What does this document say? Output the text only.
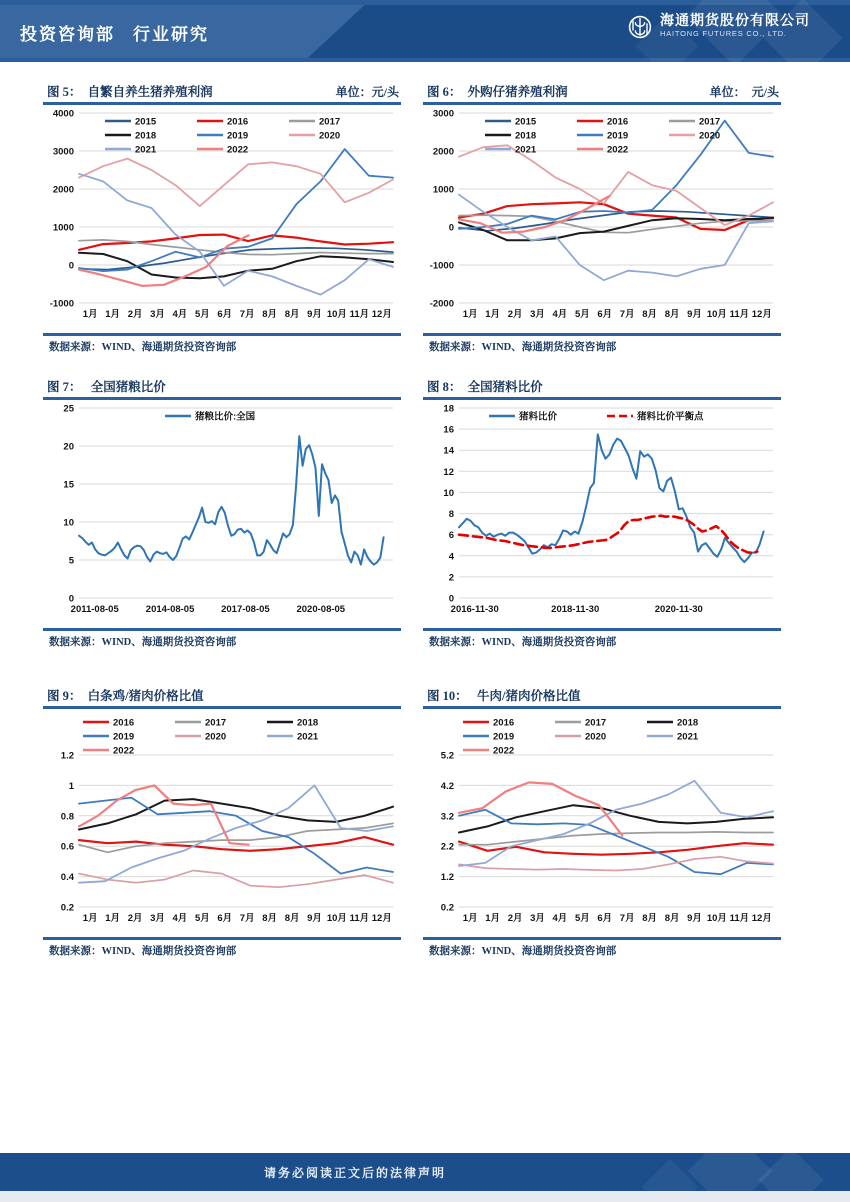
投资咨询部 行业研究
海通期货股份有限公司
HAITONG FUTURES CO., LTD.
图 5：  自繁自养生猪养殖利润	单位：元/头
-1000
0
1000
2000
3000
4000
1月 1月 2月 3月 4月 5月 6月 7月 8月 8月 9月 10月 11月 12月
2015	2016	2017
2018	2019	2020
2021	2022
数据来源：WIND、海通期货投资咨询部
图 6：  外购仔猪养殖利润	单位：  元/头
-2000
-1000
0
1000
2000
3000
1月 1月 2月 3月 4月 5月 6月 7月 8月 8月 9月 10月 11月 12月
2015	2016	2017
2018	2019	2020
2021	2022
数据来源：WIND、海通期货投资咨询部
图 7：   全国猪粮比价
0
5
10
15
20
25
2011-08-05	2014-08-05	2017-08-05	2020-08-05
猪粮比价:全国
数据来源：WIND、海通期货投资咨询部
图 8：  全国猪料比价
0
2
4
6
8
10
12
14
16
18
2016-11-30	2018-11-30	2020-11-30
猪料比价	猪料比价平衡点
数据来源：WIND、海通期货投资咨询部
图 9：  白条鸡/猪肉价格比值
0.2
0.4
0.6
0.8
1
1.2
1月 1月 2月 3月 4月 5月 6月 7月 8月 8月 9月 10月 11月 12月
2016	2017	2018
2019	2020	2021
2022
数据来源：WIND、海通期货投资咨询部
图 10：   牛肉/猪肉价格比值
0.2
1.2
2.2
3.2
4.2
5.2
1月 1月 2月 3月 4月 5月 6月 7月 8月 8月 9月 10月 11月 12月
2016	2017	2018
2019	2020	2021
2022
数据来源：WIND、海通期货投资咨询部
请务必阅读正文后的法律声明
